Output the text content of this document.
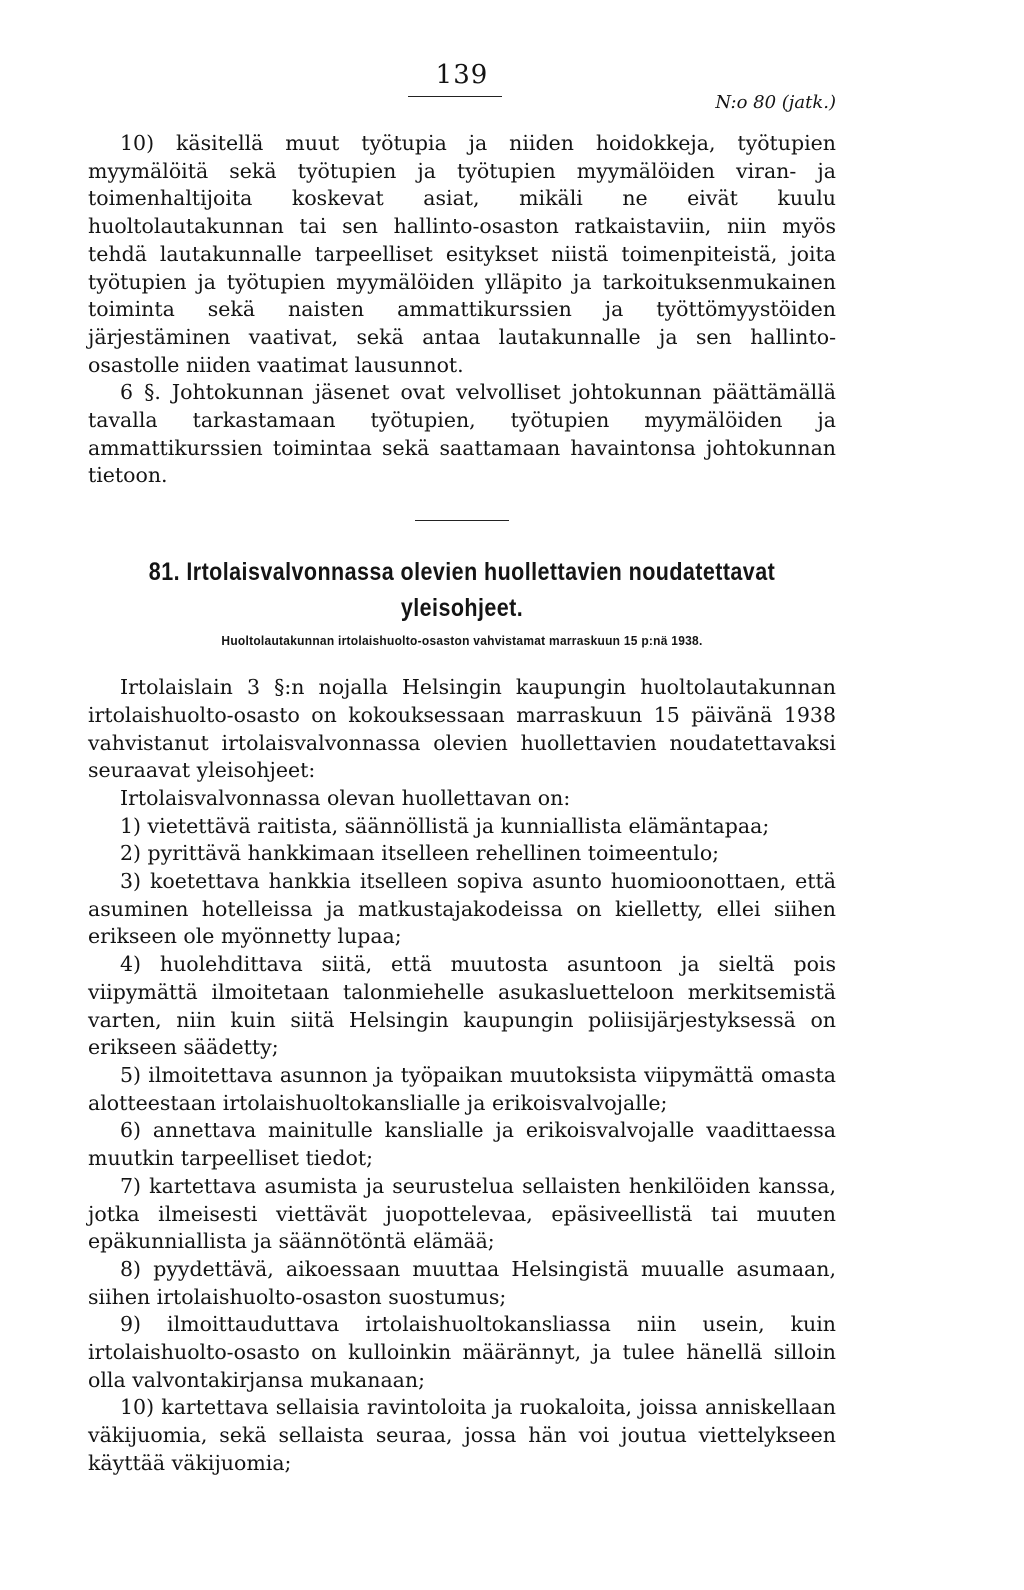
139
N:o 80 (jatk.)

10) käsitellä muut työtupia ja niiden hoidokkeja, työtupien myymälöitä sekä työtupien ja työtupien myymälöiden viran- ja toimenhaltijoita koskevat asiat, mikäli ne eivät kuulu huoltolautakunnan tai sen hallinto-osaston ratkaistaviin, niin myös tehdä lautakunnalle tarpeelliset esitykset niistä toimenpiteistä, joita työtupien ja työtupien myymälöiden ylläpito ja tarkoituksenmukainen toiminta sekä naisten ammattikurssien ja työttömyystöiden järjestäminen vaativat, sekä antaa lautakunnalle ja sen hallinto-osastolle niiden vaatimat lausunnot.

6 §. Johtokunnan jäsenet ovat velvolliset johtokunnan päättämällä tavalla tarkastamaan työtupien, työtupien myymälöiden ja ammattikurssien toimintaa sekä saattamaan havaintonsa johtokunnan tietoon.

81. Irtolaisvalvonnassa olevien huollettavien noudatettavat yleisohjeet.
Huoltolautakunnan irtolaishuolto-osaston vahvistamat marraskuun 15 p:nä 1938.

Irtolaislain 3 §:n nojalla Helsingin kaupungin huoltolautakunnan irtolaishuolto-osasto on kokouksessaan marraskuun 15 päivänä 1938 vahvistanut irtolaisvalvonnassa olevien huollettavien noudatettavaksi seuraavat yleisohjeet:

Irtolaisvalvonnassa olevan huollettavan on:

1) vietettävä raitista, säännöllistä ja kunniallista elämäntapaa;

2) pyrittävä hankkimaan itselleen rehellinen toimeentulo;

3) koetettava hankkia itselleen sopiva asunto huomioonottaen, että asuminen hotelleissa ja matkustajakodeissa on kielletty, ellei siihen erikseen ole myönnetty lupaa;

4) huolehdittava siitä, että muutosta asuntoon ja sieltä pois viipymättä ilmoitetaan talonmiehelle asukasluetteloon merkitsemistä varten, niin kuin siitä Helsingin kaupungin poliisijärjestyksessä on erikseen säädetty;

5) ilmoitettava asunnon ja työpaikan muutoksista viipymättä omasta alotteestaan irtolaishuoltokanslialle ja erikoisvalvojalle;

6) annettava mainitulle kanslialle ja erikoisvalvojalle vaadittaessa muutkin tarpeelliset tiedot;

7) kartettava asumista ja seurustelua sellaisten henkilöiden kanssa, jotka ilmeisesti viettävät juopottelevaa, epäsiveellistä tai muuten epäkunniallista ja säännötöntä elämää;

8) pyydettävä, aikoessaan muuttaa Helsingistä muualle asumaan, siihen irtolaishuolto-osaston suostumus;

9) ilmoittauduttava irtolaishuoltokansliassa niin usein, kuin irtolaishuolto-osasto on kulloinkin määrännyt, ja tulee hänellä silloin olla valvontakirjansa mukanaan;

10) kartettava sellaisia ravintoloita ja ruokaloita, joissa anniskellaan väkijuomia, sekä sellaista seuraa, jossa hän voi joutua viettelykseen käyttää väkijuomia;
